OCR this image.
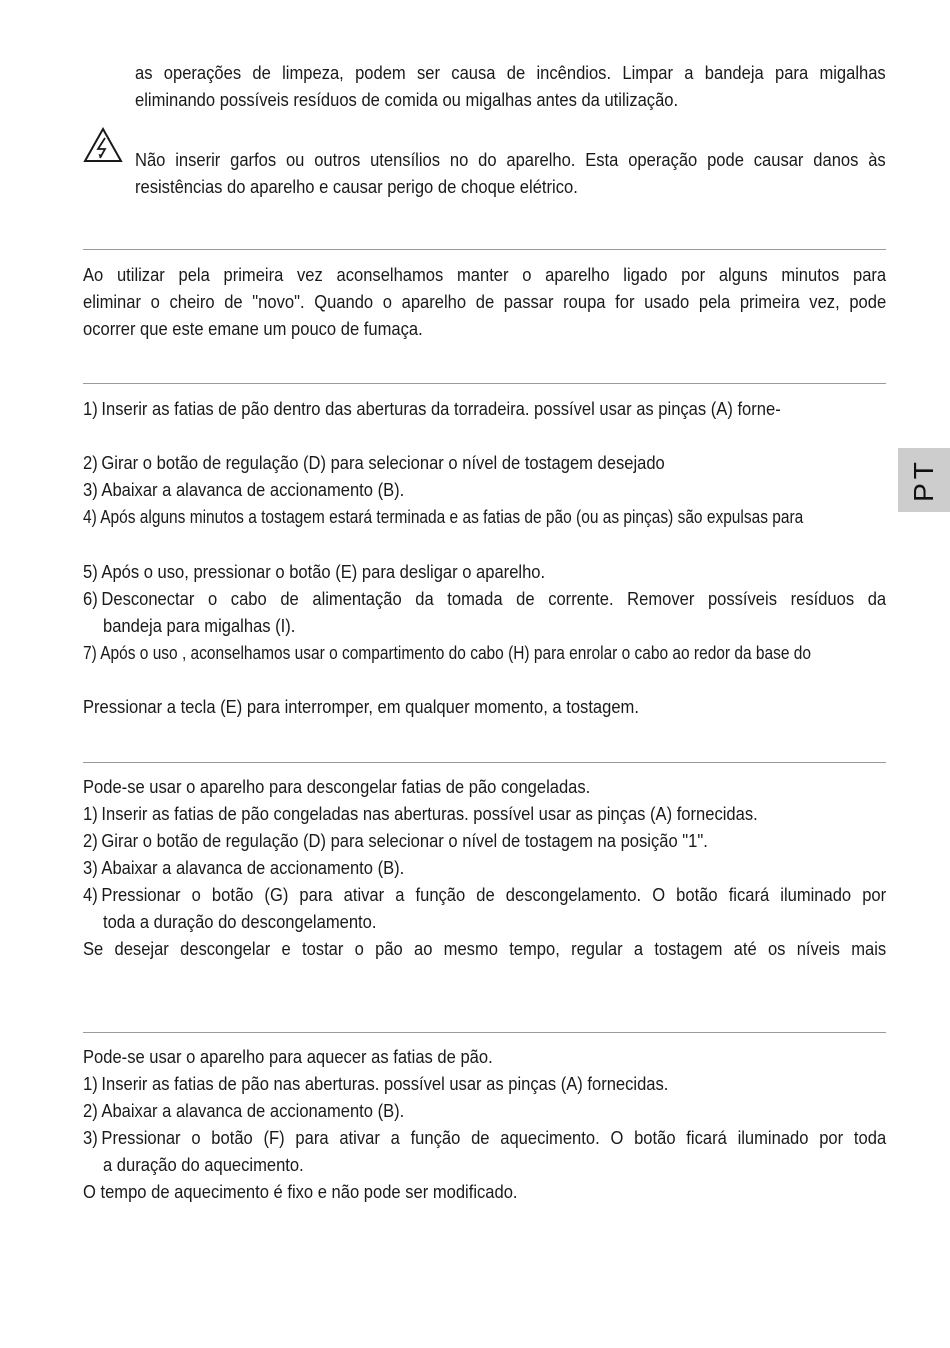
as operações de limpeza, podem ser causa de incêndios. Limpar a bandeja para migalhas
eliminando possíveis resíduos de comida ou migalhas antes da utilização.
Não inserir garfos ou outros utensílios no do aparelho. Esta operação pode causar danos às
resistências do aparelho e causar perigo de choque elétrico.
Ao utilizar pela primeira vez aconselhamos manter o aparelho ligado por alguns minutos para
eliminar o cheiro de "novo". Quando o aparelho de passar roupa for usado pela primeira vez, pode
ocorrer que este emane um pouco de fumaça.
1) Inserir as fatias de pão dentro das aberturas da torradeira. possível usar as pinças (A) forne-
2) Girar o botão de regulação (D) para selecionar o nível de tostagem desejado
3) Abaixar a alavanca de accionamento (B).
4) Após alguns minutos a tostagem estará terminada e as fatias de pão (ou as pinças) são expulsas para
5) Após o uso, pressionar o botão (E) para desligar o aparelho.
6) Desconectar o cabo de alimentação da tomada de corrente. Remover possíveis resíduos da
bandeja para migalhas (I).
7) Após o uso , aconselhamos usar o compartimento do cabo (H) para enrolar o cabo ao redor da base do
Pressionar a tecla (E) para interromper, em qualquer momento, a tostagem.
Pode-se usar o aparelho para descongelar fatias de pão congeladas.
1) Inserir as fatias de pão congeladas nas aberturas. possível usar as pinças (A) fornecidas.
2) Girar o botão de regulação (D) para selecionar o nível de tostagem na posição "1".
3) Abaixar a alavanca de accionamento (B).
4) Pressionar o botão (G) para ativar a função de descongelamento. O botão ficará iluminado por
toda a duração do descongelamento.
Se desejar descongelar e tostar o pão ao mesmo tempo, regular a tostagem até os níveis mais
Pode-se usar o aparelho para aquecer as fatias de pão.
1) Inserir as fatias de pão nas aberturas. possível usar as pinças (A) fornecidas.
2) Abaixar a alavanca de accionamento (B).
3) Pressionar o botão (F) para ativar a função de aquecimento. O botão ficará iluminado por toda
a duração do aquecimento.
O tempo de aquecimento é fixo e não pode ser modificado.
PT
